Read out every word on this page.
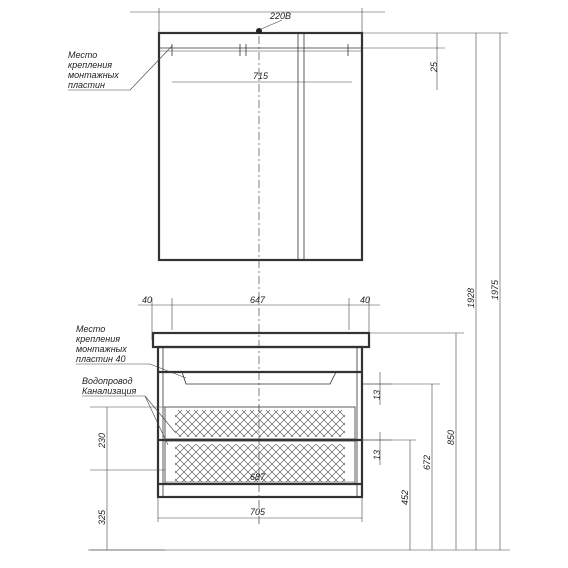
220В
715
25
Место
крепления
монтажных
пластин
40	647	40
687
705
Место
крепления
монтажных
пластин 40
Водопровод
Канализация
230
325
13
13
452
672
850
1928 1975
